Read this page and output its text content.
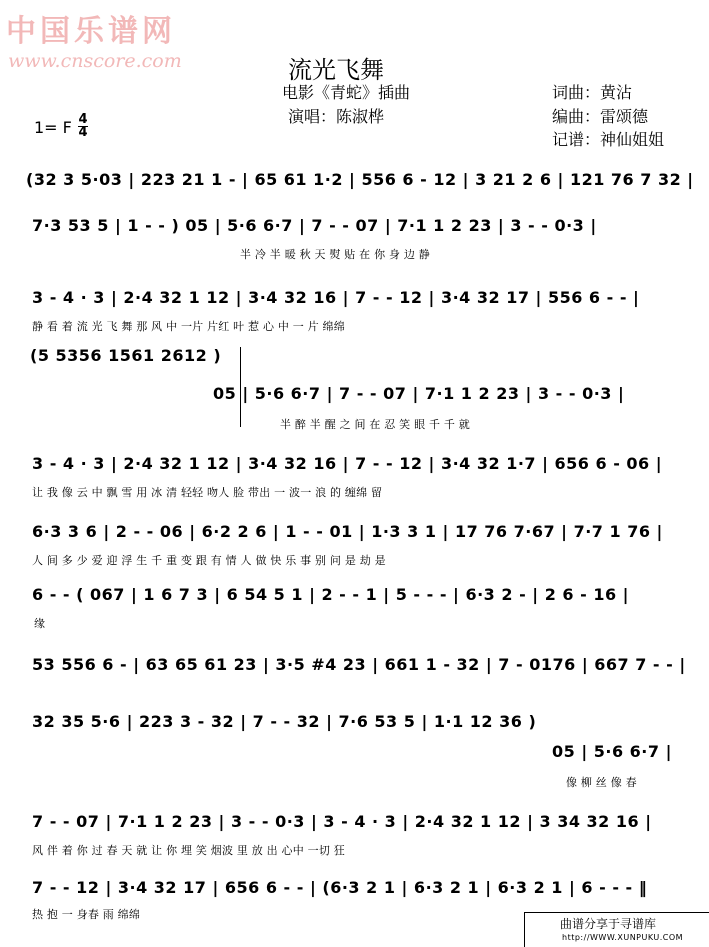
中国乐谱网
www.cnscore.com	流光飞舞
电影《青蛇》插曲
演唱：陈淑桦
词曲：黄沾
编曲：雷颂德
记谱：神仙姐姐
1= F 4
4
(32 3 5·03 | 223 21 1 - | 65 61 1·2 | 556 6 - 12 | 3 21 2 6 | 121 76 7 32 |
7·3 53 5 | 1 - - ) 05 | 5·6 6·7 | 7 - - 07 | 7·1 1 2 23 | 3 - - 0·3 |
半 冷 半 暖 秋 天 熨 贴 在 你 身 边 静
3 - 4 · 3 | 2·4 32 1 12 | 3·4 32 16 | 7 - - 12 | 3·4 32 17 | 556 6 - - |
静 看 着 流 光 飞 舞 那 风 中 一片 片红 叶 惹 心 中 一 片 绵绵
(5 5356 1561 2612 )
05 | 5·6 6·7 | 7 - - 07 | 7·1 1 2 23 | 3 - - 0·3 |
半 醉 半 醒 之 间 在 忍 笑 眼 千 千 就
3 - 4 · 3 | 2·4 32 1 12 | 3·4 32 16 | 7 - - 12 | 3·4 32 1·7 | 656 6 - 06 |
让 我 像 云 中 飘 雪 用 冰 清 轻轻 吻人 脸 带出 一 波一 浪 的 缠绵 留
6·3 3 6 | 2 - - 06 | 6·2 2 6 | 1 - - 01 | 1·3 3 1 | 17 76 7·67 | 7·7 1 76 |
人 间 多 少 爱 迎 浮 生 千 重 变 跟 有 情 人 做 快 乐 事 别 问 是 劫 是
6 - - ( 067 | 1 6 7 3 | 6 54 5 1 | 2 - - 1 | 5 - - - | 6·3 2 - | 2 6 - 16 |
缘
53 556 6 - | 63 65 61 23 | 3·5 #4 23 | 661 1 - 32 | 7 - 0176 | 667 7 - - |
32 35 5·6 | 223 3 - 32 | 7 - - 32 | 7·6 53 5 | 1·1 12 36 )
05 | 5·6 6·7 |
像 柳 丝 像 春
7 - - 07 | 7·1 1 2 23 | 3 - - 0·3 | 3 - 4 · 3 | 2·4 32 1 12 | 3 34 32 16 |
风 伴 着 你 过 春 天 就 让 你 埋 笑 烟波 里 放 出 心中 一切 狂
7 - - 12 | 3·4 32 17 | 656 6 - - | (6·3 2 1 | 6·3 2 1 | 6·3 2 1 | 6 - - - ‖
热 抱 一 身春 雨 绵绵
曲谱分享于寻谱库
http://WWW.XUNPUKU.COM
